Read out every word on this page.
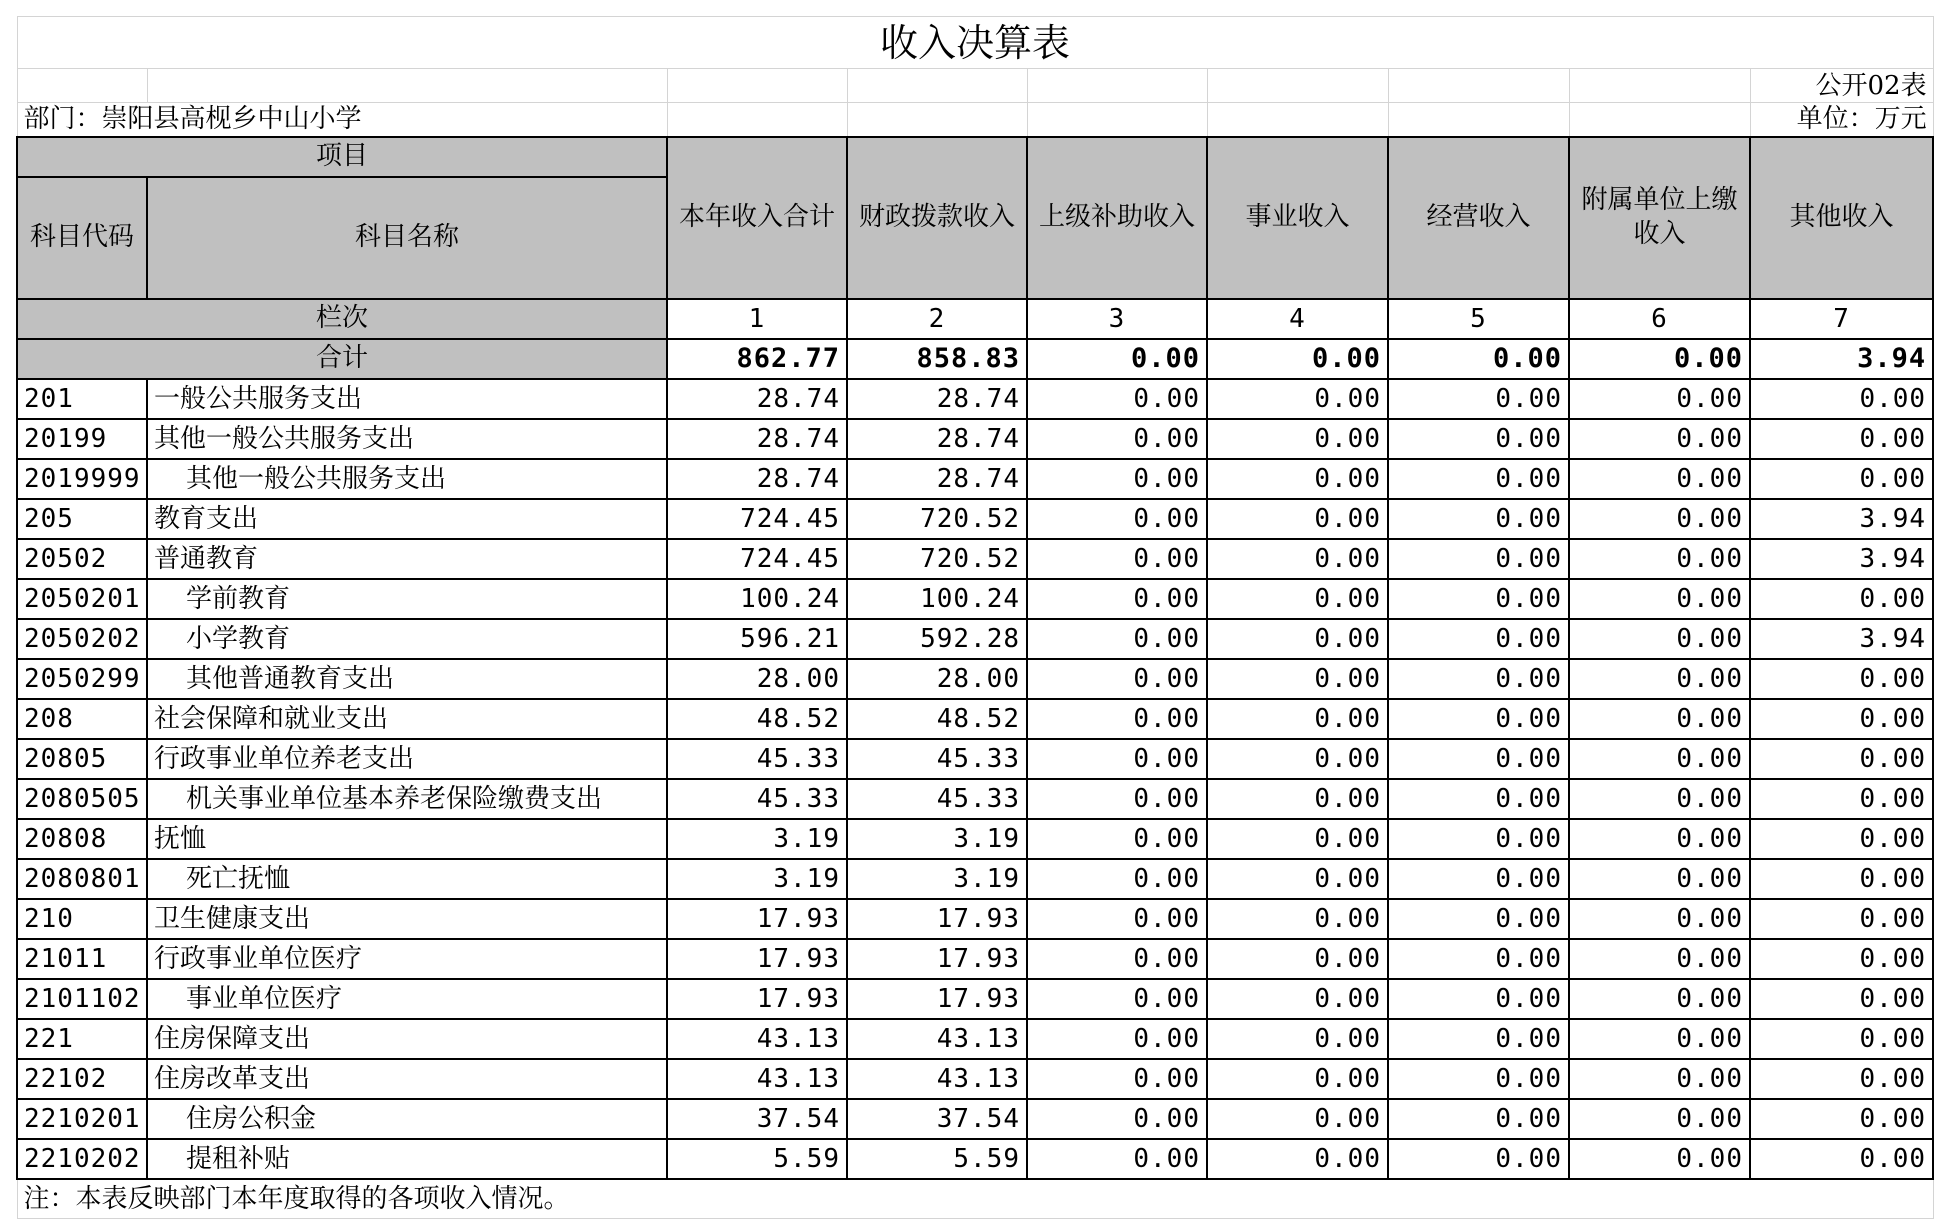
收入决算表								
								公开02表
部门：崇阳县高枧乡中山小学								单位：万元
项目		本年收入合计	财政拨款收入	上级补助收入	事业收入	经营收入	附属单位上缴收入	其他收入
科目代码	科目名称							
栏次		1	2	3	4	5	6	7
合计		862.77	858.83	0.00	0.00	0.00	0.00	3.94
201	一般公共服务支出	28.74	28.74	0.00	0.00	0.00	0.00	0.00
20199	其他一般公共服务支出	28.74	28.74	0.00	0.00	0.00	0.00	0.00
2019999	其他一般公共服务支出	28.74	28.74	0.00	0.00	0.00	0.00	0.00
205	教育支出	724.45	720.52	0.00	0.00	0.00	0.00	3.94
20502	普通教育	724.45	720.52	0.00	0.00	0.00	0.00	3.94
2050201	学前教育	100.24	100.24	0.00	0.00	0.00	0.00	0.00
2050202	小学教育	596.21	592.28	0.00	0.00	0.00	0.00	3.94
2050299	其他普通教育支出	28.00	28.00	0.00	0.00	0.00	0.00	0.00
208	社会保障和就业支出	48.52	48.52	0.00	0.00	0.00	0.00	0.00
20805	行政事业单位养老支出	45.33	45.33	0.00	0.00	0.00	0.00	0.00
2080505	机关事业单位基本养老保险缴费支出	45.33	45.33	0.00	0.00	0.00	0.00	0.00
20808	抚恤	3.19	3.19	0.00	0.00	0.00	0.00	0.00
2080801	死亡抚恤	3.19	3.19	0.00	0.00	0.00	0.00	0.00
210	卫生健康支出	17.93	17.93	0.00	0.00	0.00	0.00	0.00
21011	行政事业单位医疗	17.93	17.93	0.00	0.00	0.00	0.00	0.00
2101102	事业单位医疗	17.93	17.93	0.00	0.00	0.00	0.00	0.00
221	住房保障支出	43.13	43.13	0.00	0.00	0.00	0.00	0.00
22102	住房改革支出	43.13	43.13	0.00	0.00	0.00	0.00	0.00
2210201	住房公积金	37.54	37.54	0.00	0.00	0.00	0.00	0.00
2210202	提租补贴	5.59	5.59	0.00	0.00	0.00	0.00	0.00
注：本表反映部门本年度取得的各项收入情况。								
